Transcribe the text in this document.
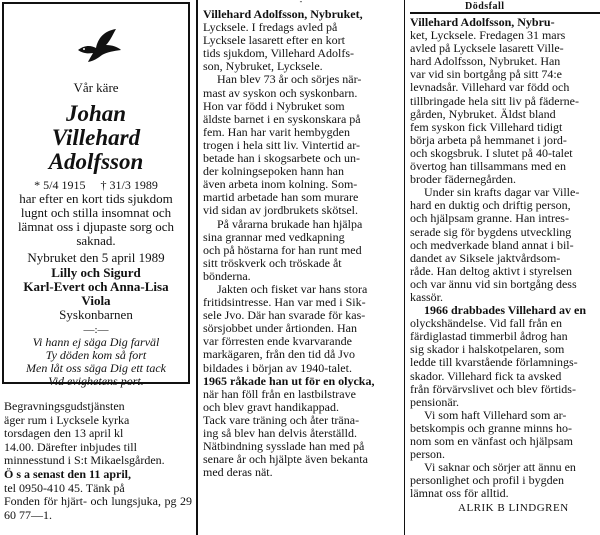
Vår käre
Johan
Villehard
Adolfsson
* 5/4 1915 † 31/3 1989
har efter en kort tids sjukdom
lugnt och stilla insomnat och
lämnat oss i djupaste sorg och
saknad.
Nybruket den 5 april 1989
Lilly och Sigurd
Karl-Evert och Anna-Lisa
Viola
Syskonbarnen
—:—
Vi hann ej säga Dig farväl
Ty döden kom så fort
Men låt oss säga Dig ett tack
Vid evighetens port.
Begravningsgudstjänsten
äger rum i Lycksele kyrka
torsdagen den 13 april kl
14.00. Därefter inbjudes till
minnesstund i S:t Mikaelsgården.
Ö s a senast den 11 april,
tel 0950-410 45. Tänk på
Fonden för hjärt- och lungsjuka, pg 29 60 77—1.
-
Villehard Adolfsson, Nybruket,
Lycksele. I fredags avled på
Lycksele lasarett efter en kort
tids sjukdom, Villehard Adolfs-
son, Nybruket, Lycksele.
Han blev 73 år och sörjes när-
mast av syskon och syskonbarn.
Hon var född i Nybruket som
äldste barnet i en syskonskara på
fem. Han har varit hembygden
trogen i hela sitt liv. Vintertid ar-
betade han i skogsarbete och un-
der kolningsepoken hann han
även arbeta inom kolning. Som-
martid arbetade han som murare
vid sidan av jordbrukets skötsel.
På vårarna brukade han hjälpa
sina grannar med vedkapning
och på höstarna for han runt med
sitt tröskverk och tröskade åt
bönderna.
Jakten och fisket var hans stora
fritidsintresse. Han var med i Sik-
sele Jvo. Där han svarade för kas-
sörsjobbet under årtionden. Han
var förresten ende kvarvarande
markägaren, från den tid då Jvo
bildades i början av 1940-talet.
1965 råkade han ut för en olycka,
när han föll från en lastbilstrave
och blev gravt handikappad.
Tack vare träning och åter träna-
ing så blev han delvis återställd.
Nätbindning sysslade han med på
senare år och hjälpte även bekanta
med deras nät.
Dödsfall
Villehard Adolfsson, Nybru-
ket, Lycksele. Fredagen 31 mars
avled på Lycksele lasarett Ville-
hard Adolfsson, Nybruket. Han
var vid sin bortgång på sitt 74:e
levnadsår. Villehard var född och
tillbringade hela sitt liv på fäderne-
gården, Nybruket. Äldst bland
fem syskon fick Villehard tidigt
börja arbeta på hemmanet i jord-
och skogsbruk. I slutet på 40-talet
övertog han tillsammans med en
broder fädernegården.
Under sin krafts dagar var Ville-
hard en duktig och driftig person,
och hjälpsam granne. Han intres-
serade sig för bygdens utveckling
och medverkade bland annat i bil-
dandet av Siksele jaktvårdsom-
råde. Han deltog aktivt i styrelsen
och var ännu vid sin bortgång dess
kassör.
1966 drabbades Villehard av en
olyckshändelse. Vid fall från en
färdiglastad timmerbil ådrog han
sig skador i halskotpelaren, som
ledde till kvarstående förlamnings-
skador. Villehard fick ta avsked
från förvärvslivet och blev förtids-
pensionär.
Vi som haft Villehard som ar-
betskompis och granne minns ho-
nom som en vänfast och hjälpsam
person.
Vi saknar och sörjer att ännu en
personlighet och profil i bygden
lämnat oss för alltid.
ALRIK B LINDGREN
